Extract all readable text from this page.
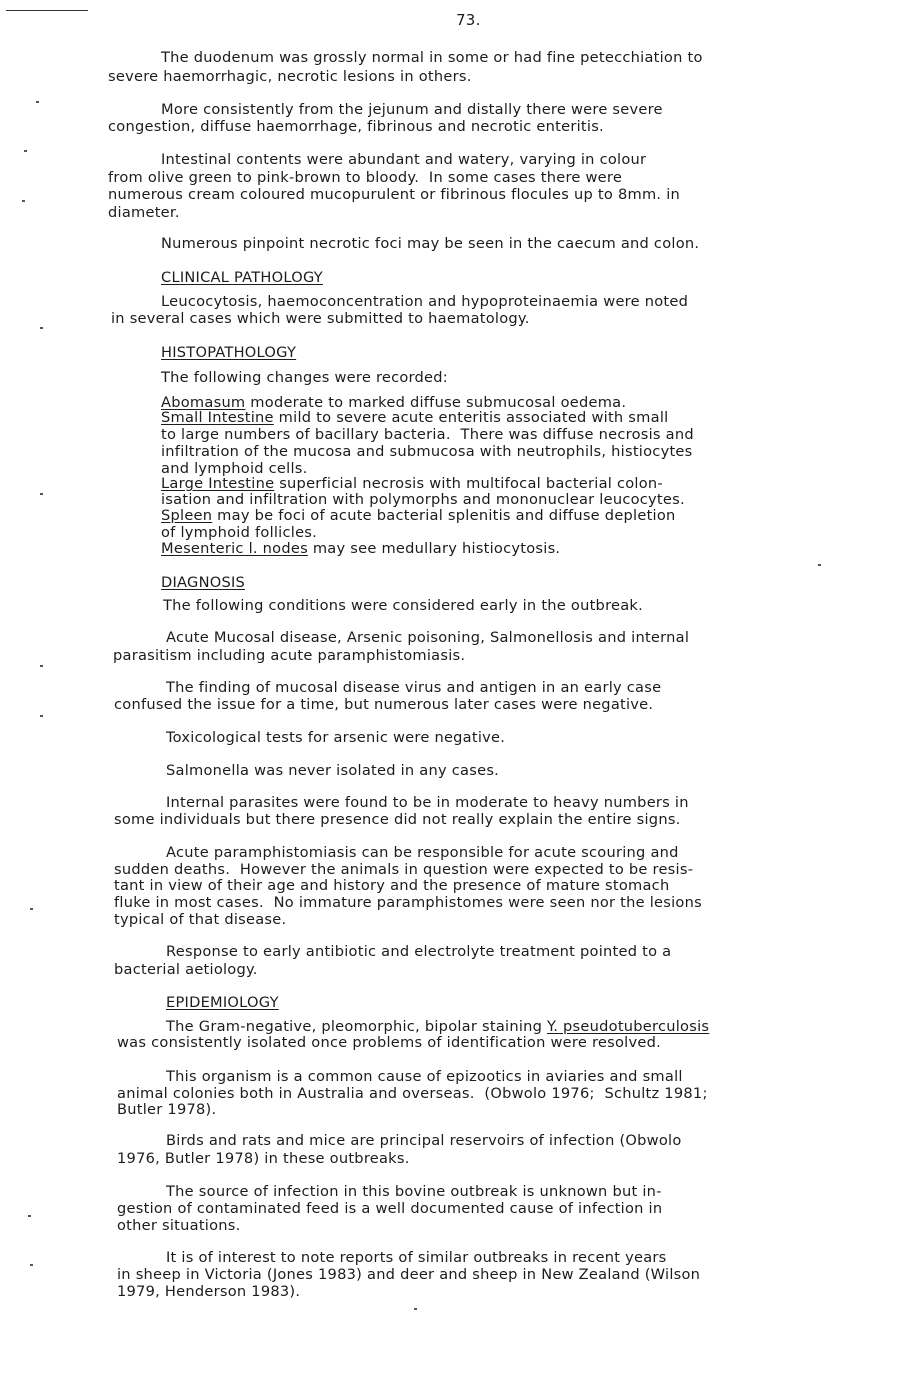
73.
The duodenum was grossly normal in some or had fine petecchiation to
severe haemorrhagic, necrotic lesions in others.
More consistently from the jejunum and distally there were severe
congestion, diffuse haemorrhage, fibrinous and necrotic enteritis.
Intestinal contents were abundant and watery, varying in colour
from olive green to pink-brown to bloody.  In some cases there were
numerous cream coloured mucopurulent or fibrinous flocules up to 8mm. in
diameter.
Numerous pinpoint necrotic foci may be seen in the caecum and colon.
CLINICAL PATHOLOGY
Leucocytosis, haemoconcentration and hypoproteinaemia were noted
in several cases which were submitted to haematology.
HISTOPATHOLOGY
The following changes were recorded:
Abomasum moderate to marked diffuse submucosal oedema.
Small Intestine mild to severe acute enteritis associated with small
to large numbers of bacillary bacteria.  There was diffuse necrosis and
infiltration of the mucosa and submucosa with neutrophils, histiocytes
and lymphoid cells.
Large Intestine superficial necrosis with multifocal bacterial colon-
isation and infiltration with polymorphs and mononuclear leucocytes.
Spleen may be foci of acute bacterial splenitis and diffuse depletion
of lymphoid follicles.
Mesenteric l. nodes may see medullary histiocytosis.
DIAGNOSIS
The following conditions were considered early in the outbreak.
Acute Mucosal disease, Arsenic poisoning, Salmonellosis and internal
parasitism including acute paramphistomiasis.
The finding of mucosal disease virus and antigen in an early case
confused the issue for a time, but numerous later cases were negative.
Toxicological tests for arsenic were negative.
Salmonella was never isolated in any cases.
Internal parasites were found to be in moderate to heavy numbers in
some individuals but there presence did not really explain the entire signs.
Acute paramphistomiasis can be responsible for acute scouring and
sudden deaths.  However the animals in question were expected to be resis-
tant in view of their age and history and the presence of mature stomach
fluke in most cases.  No immature paramphistomes were seen nor the lesions
typical of that disease.
Response to early antibiotic and electrolyte treatment pointed to a
bacterial aetiology.
EPIDEMIOLOGY
The Gram-negative, pleomorphic, bipolar staining Y. pseudotuberculosis
was consistently isolated once problems of identification were resolved.
This organism is a common cause of epizootics in aviaries and small
animal colonies both in Australia and overseas.  (Obwolo 1976;  Schultz 1981;
Butler 1978).
Birds and rats and mice are principal reservoirs of infection (Obwolo
1976, Butler 1978) in these outbreaks.
The source of infection in this bovine outbreak is unknown but in-
gestion of contaminated feed is a well documented cause of infection in
other situations.
It is of interest to note reports of similar outbreaks in recent years
in sheep in Victoria (Jones 1983) and deer and sheep in New Zealand (Wilson
1979, Henderson 1983).
